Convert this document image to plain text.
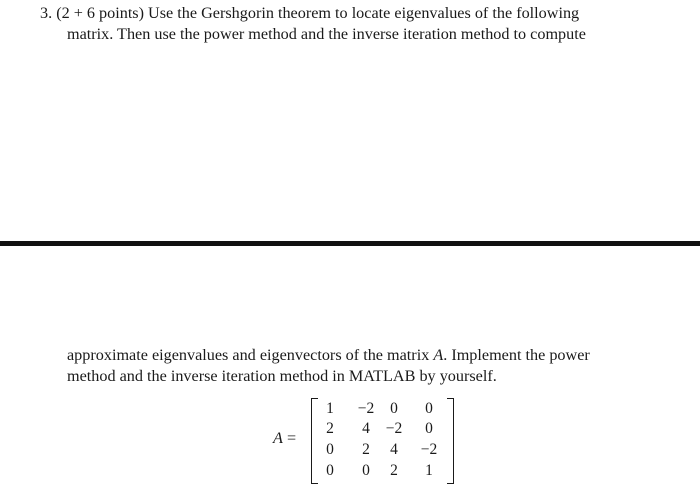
3. (2 + 6 points) Use the Gershgorin theorem to locate eigenvalues of the following
matrix. Then use the power method and the inverse iteration method to compute
approximate eigenvalues and eigenvectors of the matrix A. Implement the power
method and the inverse iteration method in MATLAB by yourself.
A =
1	−2	0	0
2	4	−2	0
0	2	4	−2
0	0	2	1
